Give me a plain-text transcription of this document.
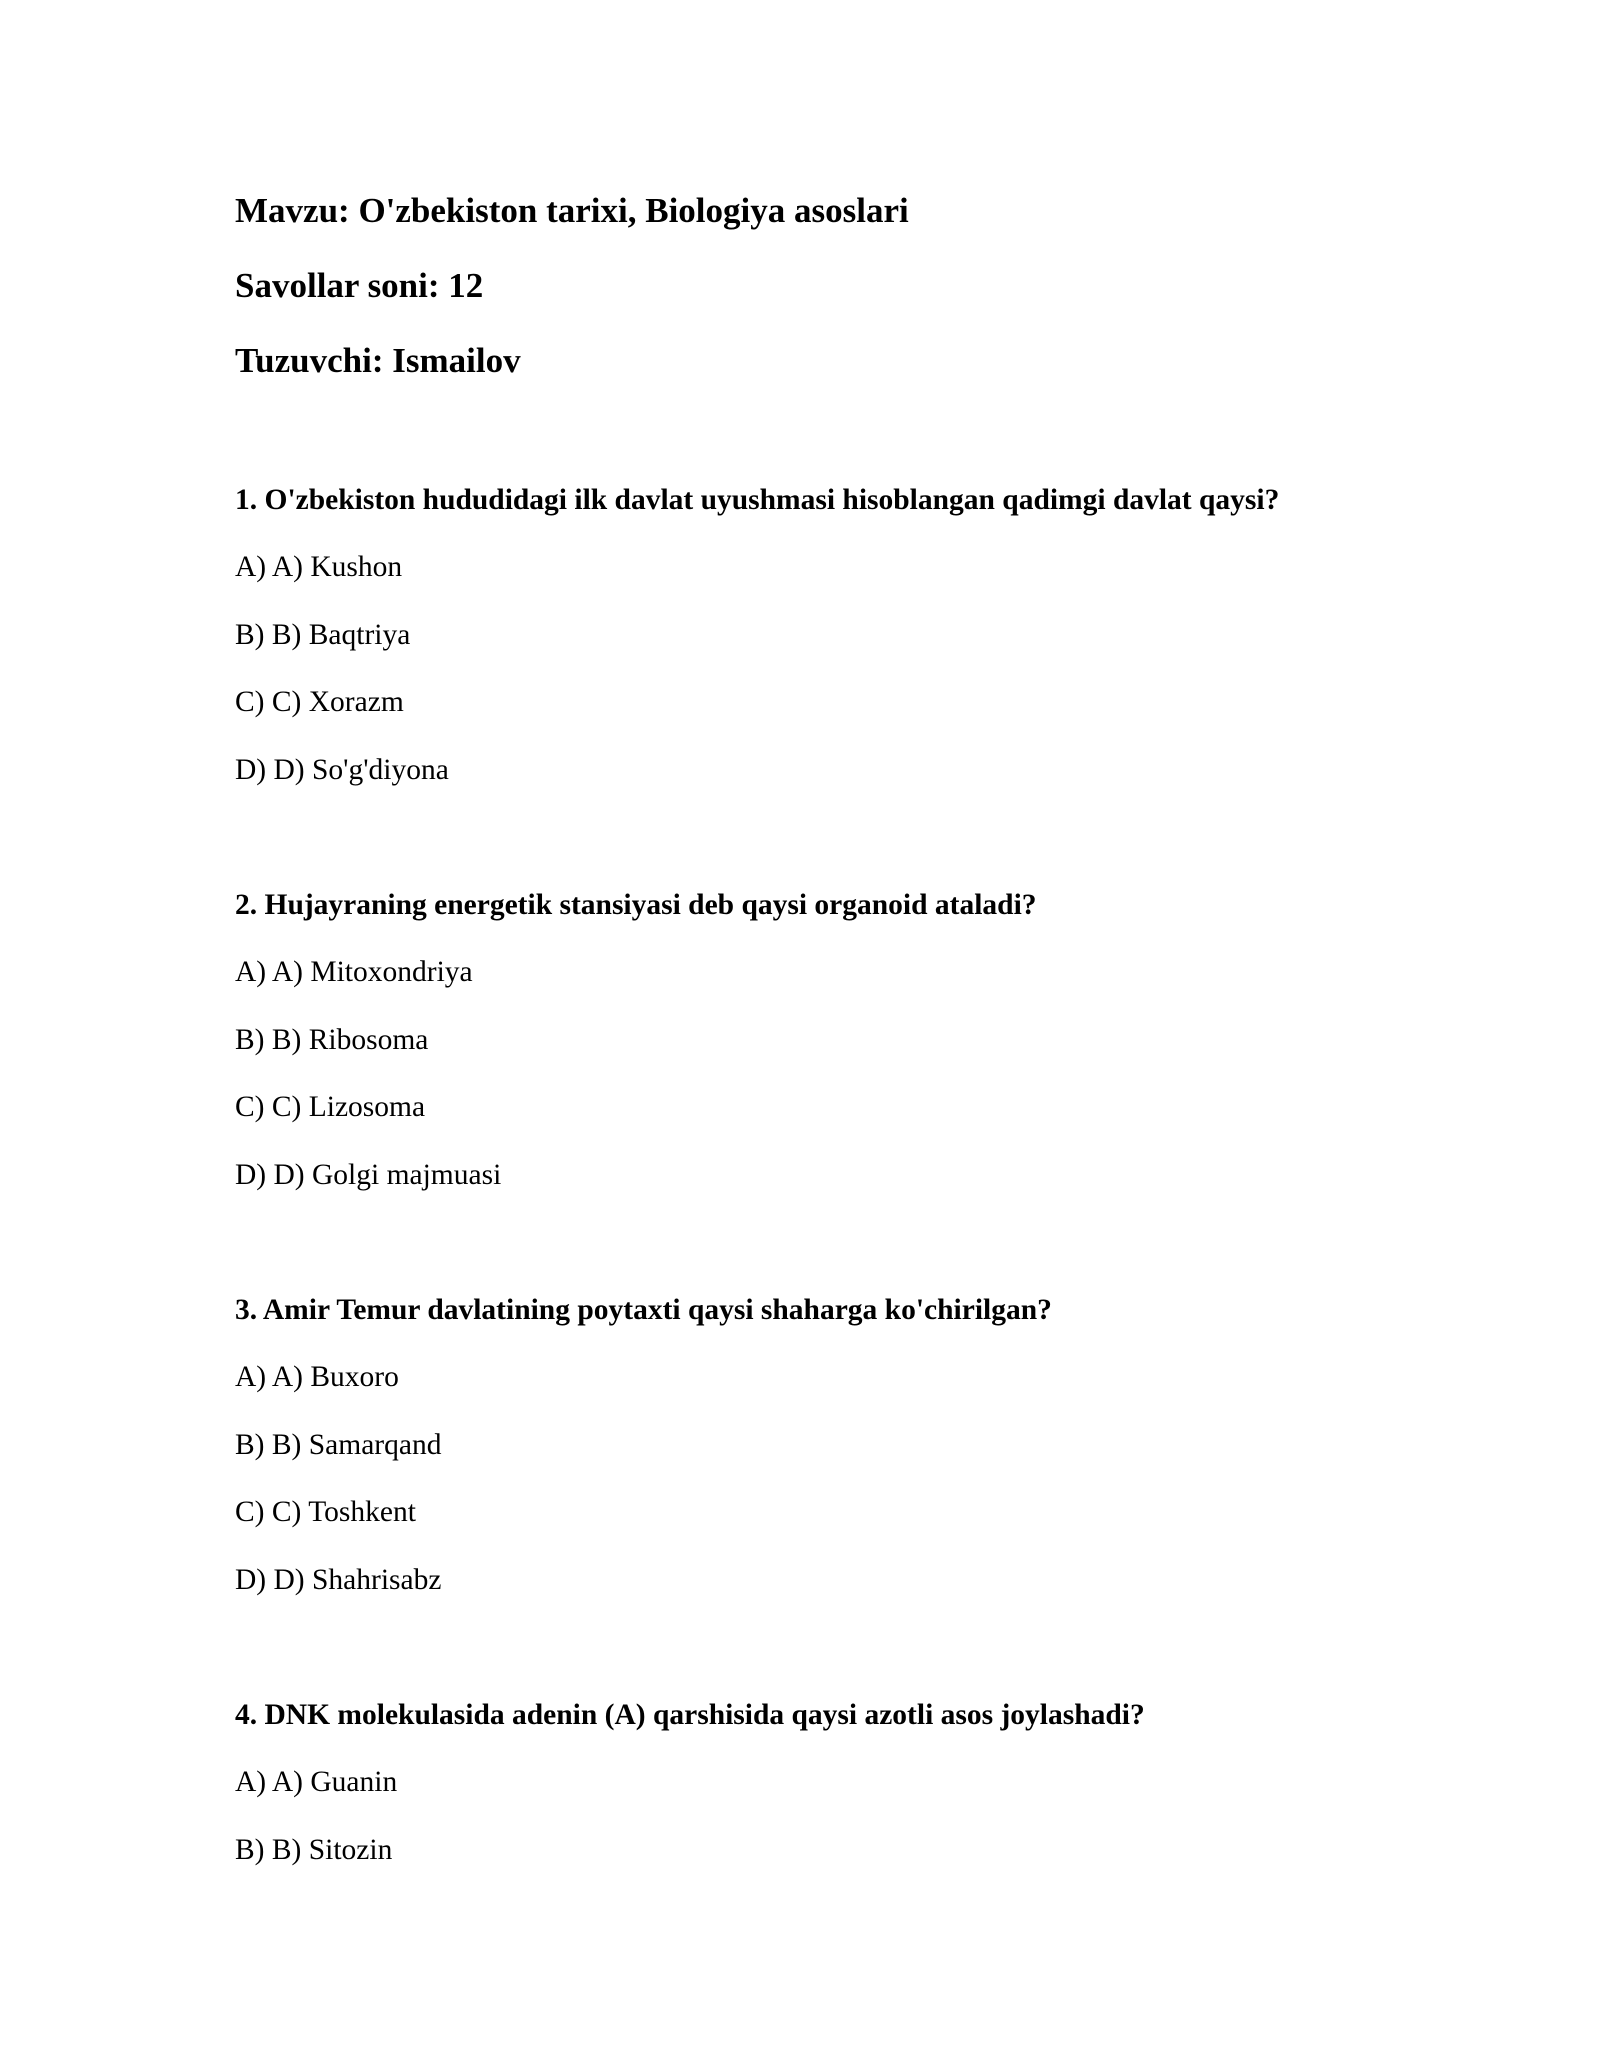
Mavzu: O'zbekiston tarixi, Biologiya asoslari
Savollar soni: 12
Tuzuvchi: Ismailov
1. O'zbekiston hududidagi ilk davlat uyushmasi hisoblangan qadimgi davlat qaysi?
A) A) Kushon
B) B) Baqtriya
C) C) Xorazm
D) D) So'g'diyona
2. Hujayraning energetik stansiyasi deb qaysi organoid ataladi?
A) A) Mitoxondriya
B) B) Ribosoma
C) C) Lizosoma
D) D) Golgi majmuasi
3. Amir Temur davlatining poytaxti qaysi shaharga ko'chirilgan?
A) A) Buxoro
B) B) Samarqand
C) C) Toshkent
D) D) Shahrisabz
4. DNK molekulasida adenin (A) qarshisida qaysi azotli asos joylashadi?
A) A) Guanin
B) B) Sitozin
